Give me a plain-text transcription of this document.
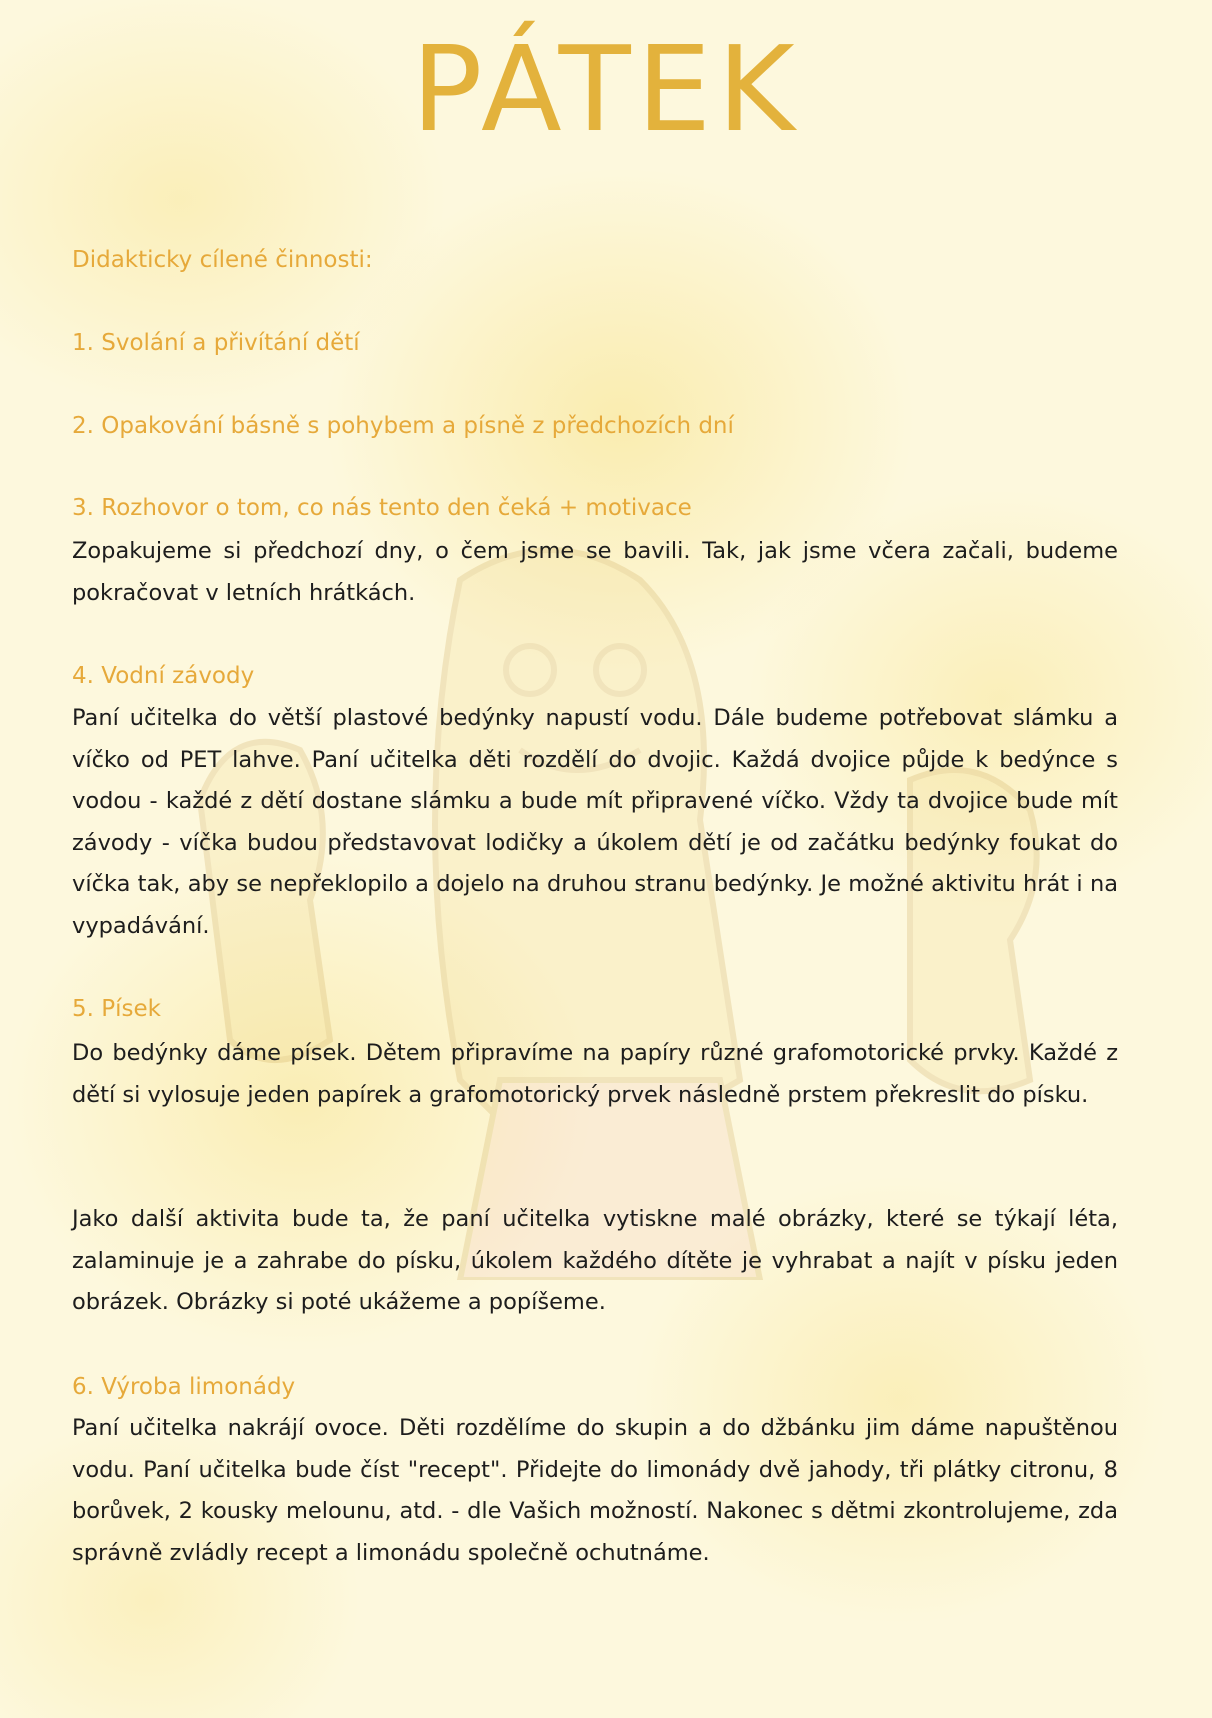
PÁTEK
Didakticky cílené činnosti:
1. Svolání a přivítání dětí
2. Opakování básně s pohybem a písně z předchozích dní
3. Rozhovor o tom, co nás tento den čeká + motivace

Zopakujeme si předchozí dny, o čem jsme se bavili. Tak, jak jsme včera začali, budeme pokračovat v letních hrátkách.

4. Vodní závody

Paní učitelka do větší plastové bedýnky napustí vodu. Dále budeme potřebovat slámku a víčko od PET lahve. Paní učitelka děti rozdělí do dvojic. Každá dvojice půjde k bedýnce s vodou - každé z dětí dostane slámku a bude mít připravené víčko. Vždy ta dvojice bude mít závody - víčka budou představovat lodičky a úkolem dětí je od začátku bedýnky foukat do víčka tak, aby se nepřeklopilo a dojelo na druhou stranu bedýnky. Je možné aktivitu hrát i na vypadávání.

5. Písek

Do bedýnky dáme písek. Dětem připravíme na papíry různé grafomotorické prvky. Každé z dětí si vylosuje jeden papírek a grafomotorický prvek následně prstem překreslit do písku.

Jako další aktivita bude ta, že paní učitelka vytiskne malé obrázky, které se týkají léta, zalaminuje je a zahrabe do písku, úkolem každého dítěte je vyhrabat a najít v písku jeden obrázek. Obrázky si poté ukážeme a popíšeme.

6. Výroba limonády

Paní učitelka nakrájí ovoce. Děti rozdělíme do skupin a do džbánku jim dáme napuštěnou vodu. Paní učitelka bude číst "recept". Přidejte do limonády dvě jahody, tři plátky citronu, 8 borůvek, 2 kousky melounu, atd. - dle Vašich možností. Nakonec s dětmi zkontrolujeme, zda správně zvládly recept a limonádu společně ochutnáme.
